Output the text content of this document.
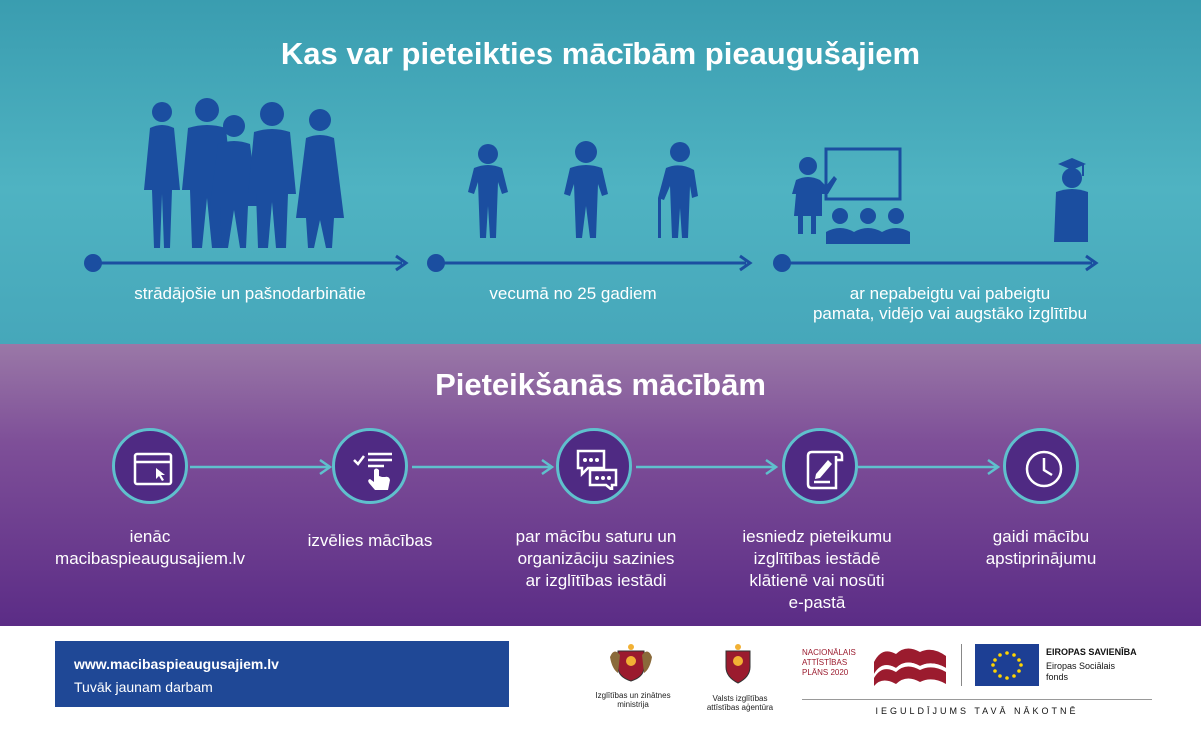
Kas var pieteikties mācībām pieaugušajiem
strādājošie un pašnodarbinātie	vecumā no 25 gadiem	ar nepabeigtu vai pabeigtu
pamata, vidējo vai augstāko izglītību
Pieteikšanās mācībām
ienāc
macibaspieaugusajiem.lv
izvēlies mācības	par mācību saturu un
organizāciju sazinies
ar izglītības iestādi
iesniedz pieteikumu
izglītības iestādē
klātienē vai nosūti
e-pastā
gaidi mācību
apstiprinājumu
www.macibaspieaugusajiem.lv
Tuvāk jaunam darbam
Izglītības un zinātnes
ministrija
Valsts izglītības
attīstības aģentūra
NACIONĀLAIS
ATTĪSTĪBAS
PLĀNS 2020
EIROPAS SAVIENĪBA
Eiropas Sociālais
fonds
IEGULDĪJUMS TAVĀ NĀKOTNĒ
